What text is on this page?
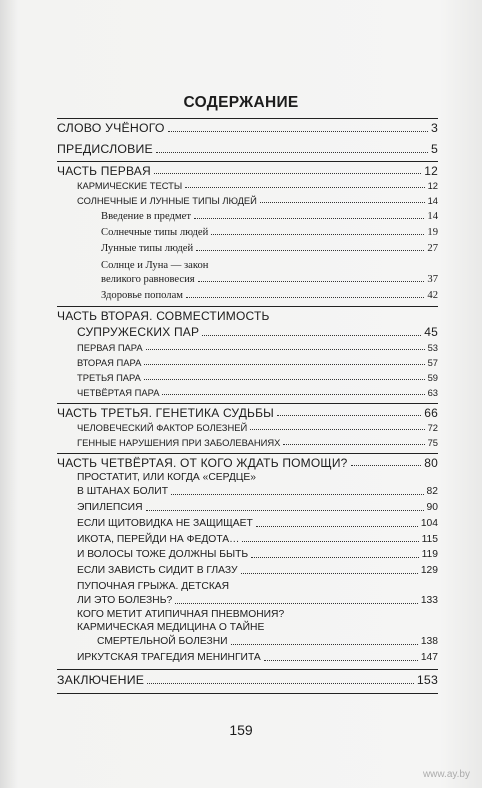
СОДЕРЖАНИЕ
СЛОВО УЧЁНОГО	3
ПРЕДИСЛОВИЕ	5
ЧАСТЬ ПЕРВАЯ	12
КАРМИЧЕСКИЕ ТЕСТЫ	12
СОЛНЕЧНЫЕ И ЛУННЫЕ ТИПЫ ЛЮДЕЙ	14
Введение в предмет	14
Солнечные типы людей	19
Лунные типы людей	27
Солнце и Луна — закон
великого равновесия	37
Здоровье пополам	42
ЧАСТЬ ВТОРАЯ. СОВМЕСТИМОСТЬ
СУПРУЖЕСКИХ ПАР	45
ПЕРВАЯ ПАРА	53
ВТОРАЯ ПАРА	57
ТРЕТЬЯ ПАРА	59
ЧЕТВЁРТАЯ ПАРА	63
ЧАСТЬ ТРЕТЬЯ. ГЕНЕТИКА СУДЬБЫ	66
ЧЕЛОВЕЧЕСКИЙ ФАКТОР БОЛЕЗНЕЙ	72
ГЕННЫЕ НАРУШЕНИЯ ПРИ ЗАБОЛЕВАНИЯХ	75
ЧАСТЬ ЧЕТВЁРТАЯ. ОТ КОГО ЖДАТЬ ПОМОЩИ?	80
ПРОСТАТИТ, ИЛИ КОГДА «СЕРДЦЕ»
В ШТАНАХ БОЛИТ	82
ЭПИЛЕПСИЯ	90
ЕСЛИ ЩИТОВИДКА НЕ ЗАЩИЩАЕТ	104
ИКОТА, ПЕРЕЙДИ НА ФЕДОТА…	115
И ВОЛОСЫ ТОЖЕ ДОЛЖНЫ БЫТЬ	119
ЕСЛИ ЗАВИСТЬ СИДИТ В ГЛАЗУ	129
ПУПОЧНАЯ ГРЫЖА. ДЕТСКАЯ
ЛИ ЭТО БОЛЕЗНЬ?	133
КОГО МЕТИТ АТИПИЧНАЯ ПНЕВМОНИЯ?
КАРМИЧЕСКАЯ МЕДИЦИНА О ТАЙНЕ
СМЕРТЕЛЬНОЙ БОЛЕЗНИ	138
ИРКУТСКАЯ ТРАГЕДИЯ МЕНИНГИТА	147
ЗАКЛЮЧЕНИЕ	153
159
www.ay.by
